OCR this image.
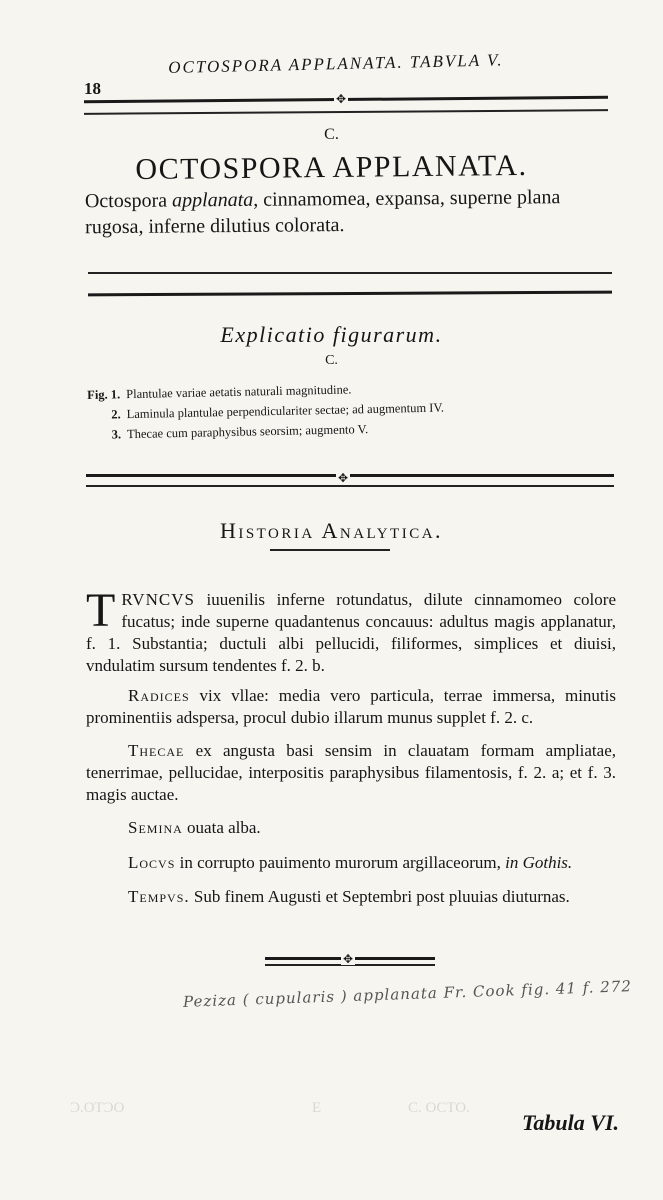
18
OCTOSPORA APPLANATA. TABVLA V.
✥
C.
OCTOSPORA APPLANATA.
Octospora applanata, cinnamomea, expansa, superne plana rugosa, inferne dilutius colorata.
Explicatio figurarum.
C.
Fig. 1. Plantulae variae aetatis naturali magnitudine.
2. Laminula plantulae perpendiculariter sectae; ad augmentum IV.
3. Thecae cum paraphysibus seorsim; augmento V.
✥
Historia Analytica.
TRVNCVS iuuenilis inferne rotundatus, dilute cinnamomeo colore fucatus; inde superne quadantenus concauus: adultus magis applanatur, f. 1. Substantia; ductuli albi pellucidi, filiformes, simplices et diuisi, vndulatim sursum tendentes f. 2. b.
Radices vix vllae: media vero particula, terrae immersa, minutis prominentiis adspersa, procul dubio illarum munus supplet f. 2. c.
Thecae ex angusta basi sensim in clauatam formam ampliatae, tenerrimae, pellucidae, interpositis paraphysibus filamentosis, f. 2. a; et f. 3. magis auctae.
Semina ouata alba.
Locvs in corrupto pauimento murorum argillaceorum, in Gothis.
Tempvs. Sub finem Augusti et Septembri post pluuias diuturnas.
✥
Peziza ( cupularis ) applanata Fr. Cook fig. 41 f. 272
OCTO.C	E	C. OCTO.
Tabula VI.
